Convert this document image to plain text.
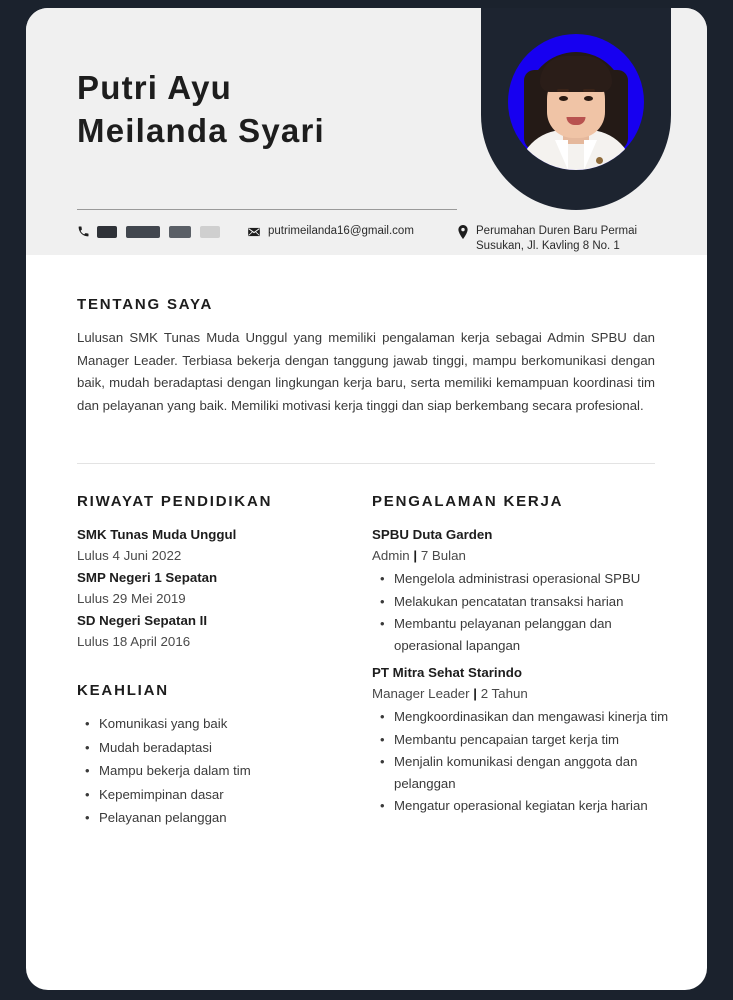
Putri Ayu
Meilanda Syari
putrimeilanda16@gmail.com	Perumahan Duren Baru Permai
Susukan, Jl. Kavling 8 No. 1
TENTANG SAYA
Lulusan SMK Tunas Muda Unggul yang memiliki pengalaman kerja sebagai Admin SPBU dan Manager Leader. Terbiasa bekerja dengan tanggung jawab tinggi, mampu berkomunikasi dengan baik, mudah beradaptasi dengan lingkungan kerja baru, serta memiliki kemampuan koordinasi tim dan pelayanan yang baik. Memiliki motivasi kerja tinggi dan siap berkembang secara profesional.
RIWAYAT PENDIDIKAN
SMK Tunas Muda Unggul
Lulus 4 Juni 2022
SMP Negeri 1 Sepatan
Lulus 29 Mei 2019
SD Negeri Sepatan II
Lulus 18 April 2016
KEAHLIAN
• Komunikasi yang baik
• Mudah beradaptasi
• Mampu bekerja dalam tim
• Kepemimpinan dasar
• Pelayanan pelanggan
PENGALAMAN KERJA
SPBU Duta Garden
Admin | 7 Bulan
• Mengelola administrasi operasional SPBU
• Melakukan pencatatan transaksi harian
• Membantu pelayanan pelanggan dan operasional lapangan
PT Mitra Sehat Starindo
Manager Leader | 2 Tahun
• Mengkoordinasikan dan mengawasi kinerja tim
• Membantu pencapaian target kerja tim
• Menjalin komunikasi dengan anggota dan pelanggan
• Mengatur operasional kegiatan kerja harian
